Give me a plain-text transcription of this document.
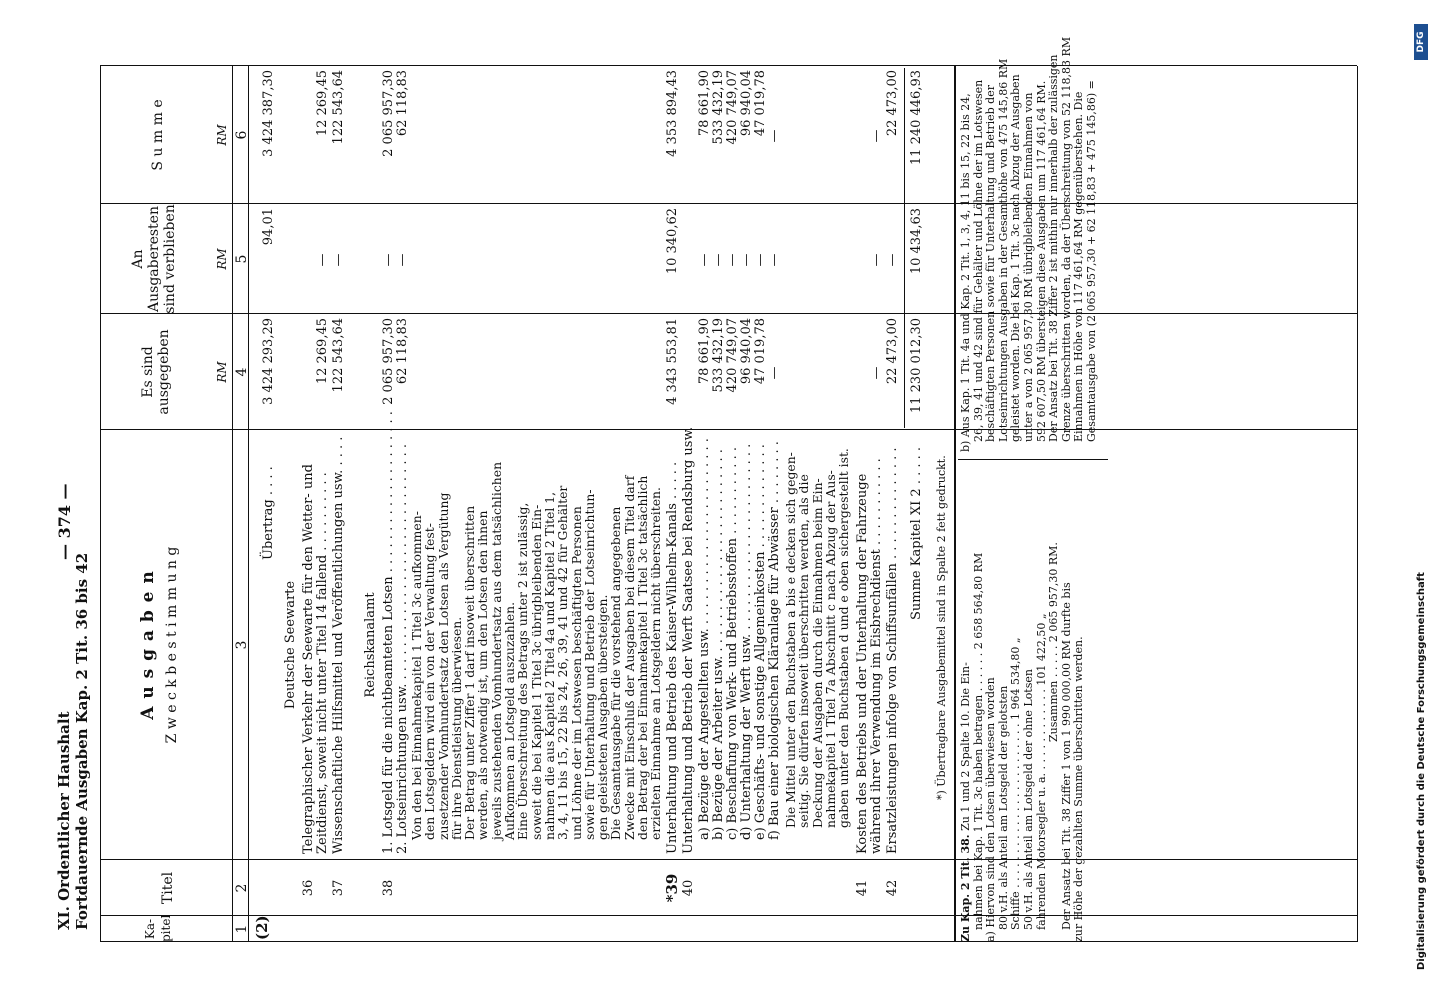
XI. Ordentlicher Haushalt Fortdauernde Ausgaben Kap. 2 Tit. 36 bis 42
— 374 —
Ka-
pitel
Titel
A u s g a b e n Z w e c k b e s t i m m u n g
Es sind
ausgegeben
An
Ausgaberesten
sind verblieben
S u m m e
RM
RM
RM
1
2
3
4
5
6
(2)
Übertrag . . . .
3 424 293,29
94,01
3 424 387,30
Deutsche Seewarte
36
Telegraphischer Verkehr der Seewarte für den Wetter- und
Zeitdienst, soweit nicht unter Titel 14 fallend . . . . . . . . . .
12 269,45
—
12 269,45
37
Wissenschaftliche Hilfsmittel und Veröffentlichungen usw. . . . .
122 543,64
—
122 543,64
Reichskanalamt
38
1. Lotsgeld für die nichtbeamteten Lotsen . . . . . . . . . . . . . . . . . . . . 2. Lotseinrichtungen usw. . . . . . . . . . . . . . . . . . . . . . . . . . . . . .
2 065 957,30 62 118,83
— —
2 065 957,30 62 118,83
Von den bei Einnahmekapitel 1 Titel 3c aufkommen-
den Lotsgeldern wird ein von der Verwaltung fest-
zusetzender Vomhundertsatz den Lotsen als Vergütung
für ihre Dienstleistung überwiesen.
Der Betrag unter Ziffer 1 darf insoweit überschritten
werden, als notwendig ist, um den Lotsen den ihnen
jeweils zustehenden Vomhundertsatz aus dem tatsächlichen
Aufkommen an Lotsgeld auszuzahlen.
Eine Überschreitung des Betrags unter 2 ist zulässig,
soweit die bei Kapitel 1 Titel 3c übrigbleibenden Ein-
nahmen die aus Kapitel 2 Titel 4a und Kapitel 2 Titel 1,
3, 4, 11 bis 15, 22 bis 24, 26, 39, 41 und 42 für Gehälter
und Löhne der im Lotswesen beschäftigten Personen
sowie für Unterhaltung und Betrieb der Lotseinrichtun-
gen geleisteten Ausgaben übersteigen.
Die Gesamtausgabe für die vorstehend angegebenen
Zwecke mit Einschluß der Ausgaben bei diesem Titel darf
den Betrag der bei Einnahmekapitel 1 Titel 3c tatsächlich
erzielten Einnahme an Lotsgeldern nicht überschreiten.
*39
Unterhaltung und Betrieb des Kaiser-Wilhelm-Kanals . . . . .
4 343 553,81
10 340,62
4 353 894,43
40
Unterhaltung und Betrieb der Werft Saatsee bei Rendsburg usw. a) Bezüge der Angestellten usw. . . . . . . . . . . . . . . . . . . . . . . .
78 661,90
—
78 661,90
b) Bezüge der Arbeiter usw. . . . . . . . . . . . . . . . . . . . . . . . . .
533 432,19
—
533 432,19
c) Beschaffung von Werk- und Betriebsstoffen . . . . . . . . . . .
420 749,07
—
420 749,07
d) Unterhaltung der Werft usw. . . . . . . . . . . . . . . . . . . . . . . .
96 940,04
—
96 940,04
e) Geschäfts- und sonstige Allgemeinkosten . . . . . . . . . . . . .
47 019,78
—
47 019,78
f) Bau einer biologischen Kläranlage für Abwässer . . . . . . . .
—
—
—
Die Mittel unter den Buchstaben a bis e decken sich gegen-
seitig. Sie dürfen insoweit überschritten werden, als die
Deckung der Ausgaben durch die Einnahmen beim Ein-
nahmekapitel 1 Titel 7a Abschnitt c nach Abzug der Aus-
gaben unter den Buchstaben d und e oben sichergestellt ist.
41
Kosten des Betriebs und der Unterhaltung der Fahrzeuge
während ihrer Verwendung im Eisbrechdienst . . . . . . . . . . .
—
—
—
42
Ersatzleistungen infolge von Schiffsunfällen . . . . . . . . . . . . . .
22 473,00
—
22 473,00
Summe Kapitel XI 2 . . . . .
11 230 012,30
10 434,63
11 240 446,93
*) Übertragbare Ausgabemittel sind in Spalte 2 fett gedruckt.
Zu Kap. 2 Tit. 38. Zu 1 und 2 Spalte 10. Die Ein- nahmen bei Kap. 1 Tit. 3c haben betragen . . . . . . 2 658 564,80 RM a) Hiervon sind den Lotsen überwiesen worden 80 v.H. als Anteil am Lotsgeld der gelotsten Schiffe . . . . . . . . . . . . . . . . . . . . . . . . 1 964 534,80 „ 50 v.H. als Anteil am Lotsgeld der ohne Lotsen fahrenden Motorsegler u. a. . . . . . . . . . . . . 101 422,50 „ Zusammen . . . . . 2 065 957,30 RM. Der Ansatz bei Tit. 38 Ziffer 1 von 1 990 000,00 RM durfte bis zur Höhe der gezahlten Summe überschritten werden.
b) Aus Kap. 1 Tit. 4a und Kap. 2 Tit. 1, 3, 4, 11 bis 15, 22 bis 24, 26, 39, 41 und 42 sind für Gehälter und Löhne der im Lotswesen beschäftigten Personen sowie für Unterhaltung und Betrieb der Lotseinrichtungen Ausgaben in der Gesamthöhe von 475 145,86 RM geleistet worden. Die bei Kap. 1 Tit. 3c nach Abzug der Ausgaben unter a von 2 065 957,30 RM übrigbleibenden Einnahmen von 592 607,50 RM übersteigen diese Ausgaben um 117 461,64 RM. Der Ansatz bei Tit. 38 Ziffer 2 ist mithin nur innerhalb der zulässigen Grenze überschritten worden, da der Überschreitung von 52 118,83 RM Einnahmen in Höhe von 117 461,64 RM gegenüberstehen. Die Gesamtausgabe von (2 065 957,30 + 62 118,83 + 475 145,86) =
Digitalisierung gefördert durch die Deutsche Forschungsgemeinschaft
DFG
